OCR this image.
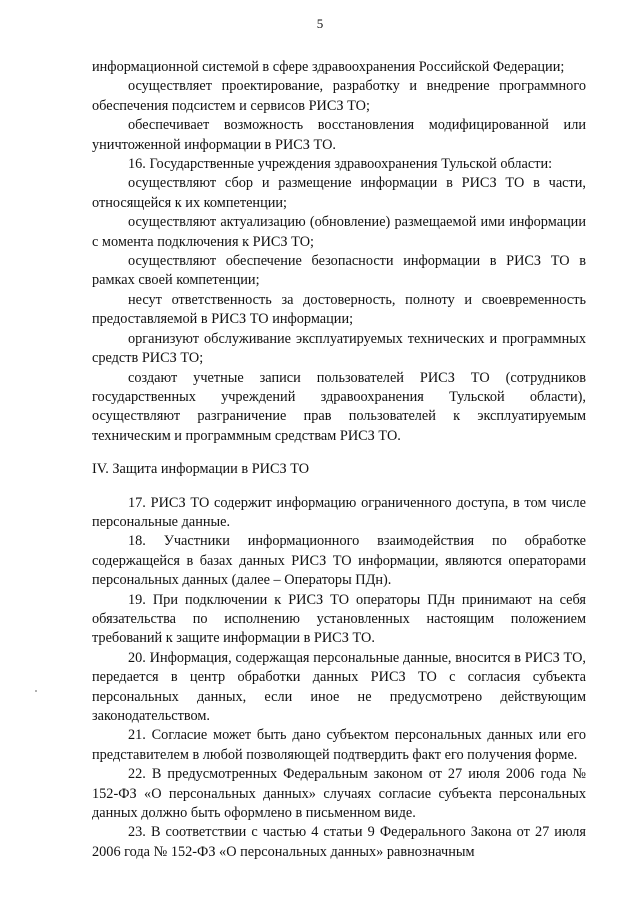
5

информационной системой в сфере здравоохранения Российской Федерации;

осуществляет проектирование, разработку и внедрение программного обеспечения подсистем и сервисов РИСЗ ТО;

обеспечивает возможность восстановления модифицированной или уничтоженной информации в РИСЗ ТО.

16. Государственные учреждения здравоохранения Тульской области:

осуществляют сбор и размещение информации в РИСЗ ТО в части, относящейся к их компетенции;

осуществляют актуализацию (обновление) размещаемой ими информации с момента подключения к РИСЗ ТО;

осуществляют обеспечение безопасности информации в РИСЗ ТО в рамках своей компетенции;

несут ответственность за достоверность, полноту и своевременность предоставляемой в РИСЗ ТО информации;

организуют обслуживание эксплуатируемых технических и программных средств РИСЗ ТО;

создают учетные записи пользователей РИСЗ ТО (сотрудников государственных учреждений здравоохранения Тульской области), осуществляют разграничение прав пользователей к эксплуатируемым техническим и программным средствам РИСЗ ТО.

IV. Защита информации в РИСЗ ТО

17. РИСЗ ТО содержит информацию ограниченного доступа, в том числе персональные данные.

18. Участники информационного взаимодействия по обработке содержащейся в базах данных РИСЗ ТО информации, являются операторами персональных данных (далее – Операторы ПДн).

19. При подключении к РИСЗ ТО операторы ПДн принимают на себя обязательства по исполнению установленных настоящим положением требований к защите информации в РИСЗ ТО.

20. Информация, содержащая персональные данные, вносится в РИСЗ ТО, передается в центр обработки данных РИСЗ ТО с согласия субъекта персональных данных, если иное не предусмотрено действующим законодательством.

21. Согласие может быть дано субъектом персональных данных или его представителем в любой позволяющей подтвердить факт его получения форме.

22. В предусмотренных Федеральным законом от 27 июля 2006 года № 152-ФЗ «О персональных данных» случаях согласие субъекта персональных данных должно быть оформлено в письменном виде.

23. В соответствии с частью 4 статьи 9 Федерального Закона от 27 июля 2006 года № 152-ФЗ «О персональных данных» равнозначным
